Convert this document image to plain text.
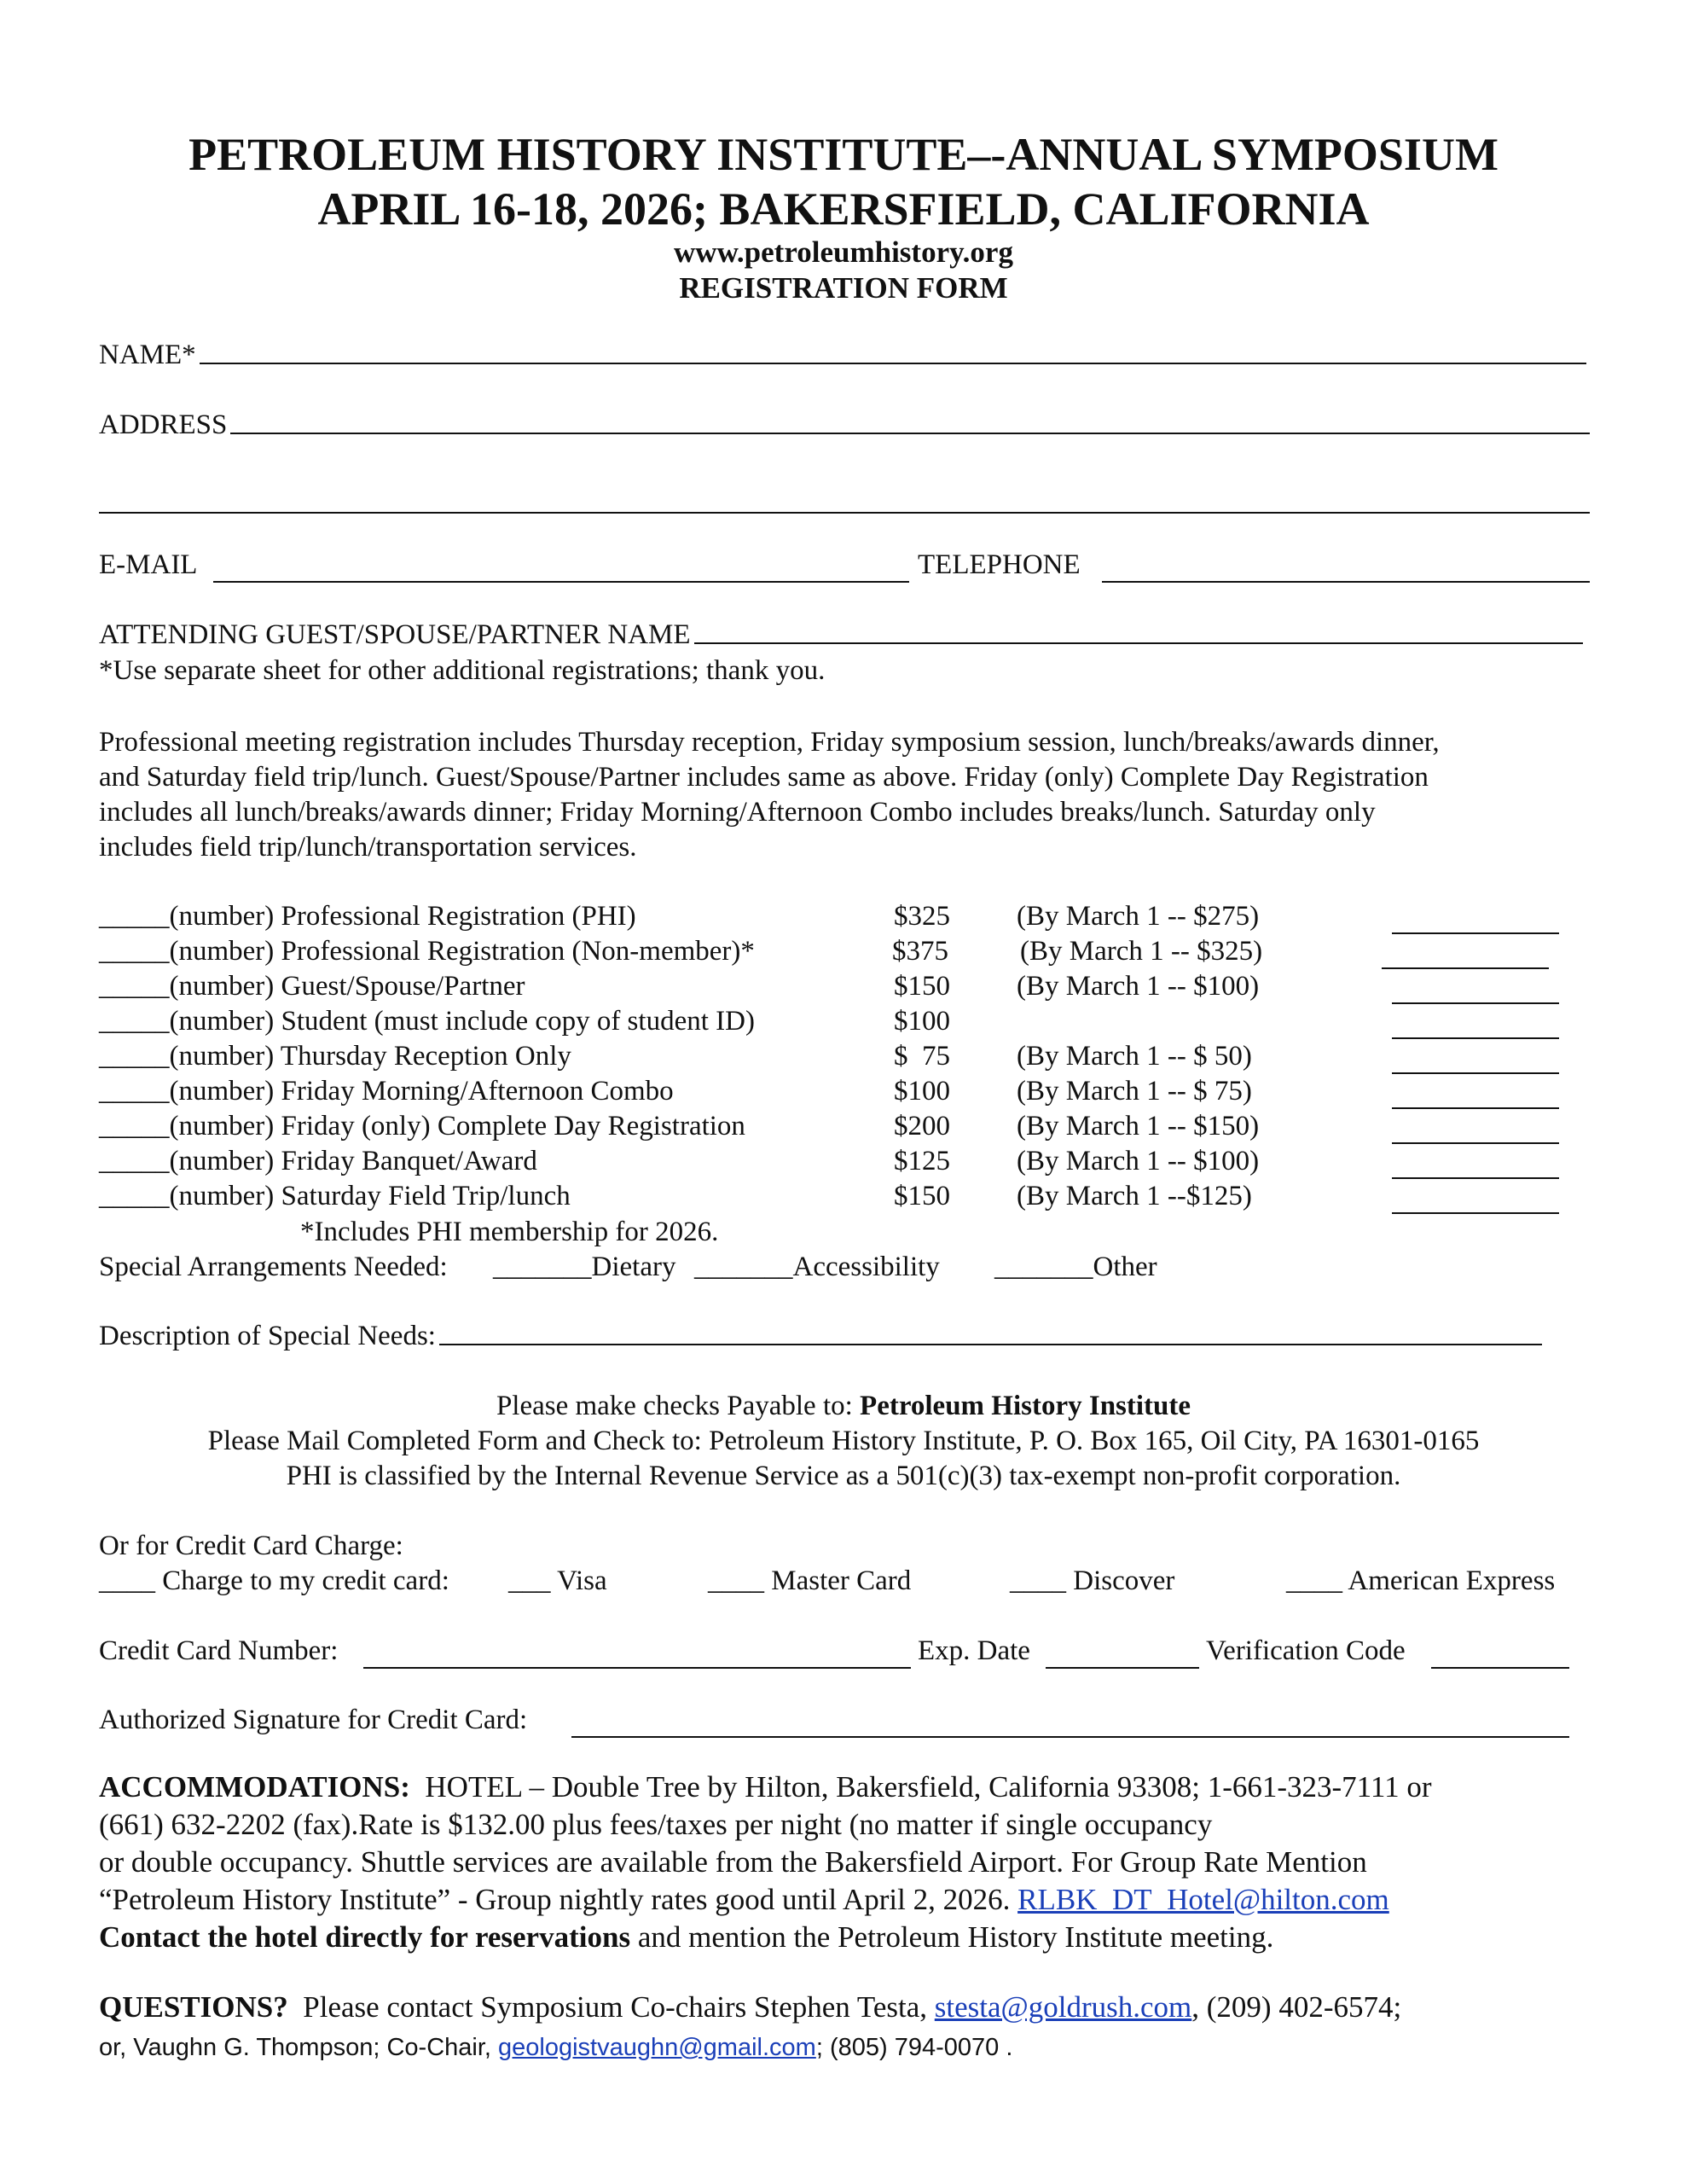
PETROLEUM HISTORY INSTITUTE–-ANNUAL SYMPOSIUM
APRIL 16-18, 2026; BAKERSFIELD, CALIFORNIA
www.petroleumhistory.org
REGISTRATION FORM
NAME*
ADDRESS
E-MAIL	TELEPHONE
ATTENDING GUEST/SPOUSE/PARTNER NAME
*Use separate sheet for other additional registrations; thank you.
Professional meeting registration includes Thursday reception, Friday symposium session, lunch/breaks/awards dinner,
and Saturday field trip/lunch. Guest/Spouse/Partner includes same as above. Friday (only) Complete Day Registration
includes all lunch/breaks/awards dinner; Friday Morning/Afternoon Combo includes breaks/lunch. Saturday only
includes field trip/lunch/transportation services.
_____(number) Professional Registration (PHI)	$325 (By March 1 -- $275)
_____(number) Professional Registration (Non-member)*	$375	(By March 1 -- $325)
_____(number) Guest/Spouse/Partner	$150 (By March 1 -- $100)
_____(number) Student (must include copy of student ID)	$100
_____(number) Thursday Reception Only	$  75 (By March 1 -- $ 50)
_____(number) Friday Morning/Afternoon Combo	$100 (By March 1 -- $ 75)
_____(number) Friday (only) Complete Day Registration	$200 (By March 1 -- $150)
_____(number) Friday Banquet/Award	$125 (By March 1 -- $100)
_____(number) Saturday Field Trip/lunch	$150 (By March 1 --$125)
*Includes PHI membership for 2026.
Special Arrangements Needed: _______Dietary _______Accessibility _______Other
Description of Special Needs:
Please make checks Payable to: Petroleum History Institute
Please Mail Completed Form and Check to: Petroleum History Institute, P. O. Box 165, Oil City, PA 16301-0165
PHI is classified by the Internal Revenue Service as a 501(c)(3) tax-exempt non-profit corporation.
Or for Credit Card Charge:
____ Charge to my credit card: ___ Visa	____ Master Card	____ Discover	____ American Express
Credit Card Number:	Exp. Date	Verification Code
Authorized Signature for Credit Card:
ACCOMMODATIONS:  HOTEL – Double Tree by Hilton, Bakersfield, California 93308; 1-661-323-7111 or
(661) 632-2202 (fax).Rate is $132.00 plus fees/taxes per night (no matter if single occupancy
or double occupancy. Shuttle services are available from the Bakersfield Airport. For Group Rate Mention
“Petroleum History Institute” - Group nightly rates good until April 2, 2026. RLBK_DT_Hotel@hilton.com
Contact the hotel directly for reservations and mention the Petroleum History Institute meeting.
QUESTIONS?  Please contact Symposium Co-chairs Stephen Testa, stesta@goldrush.com, (209) 402-6574;
or, Vaughn G. Thompson; Co-Chair, geologistvaughn@gmail.com; (805) 794-0070 .
